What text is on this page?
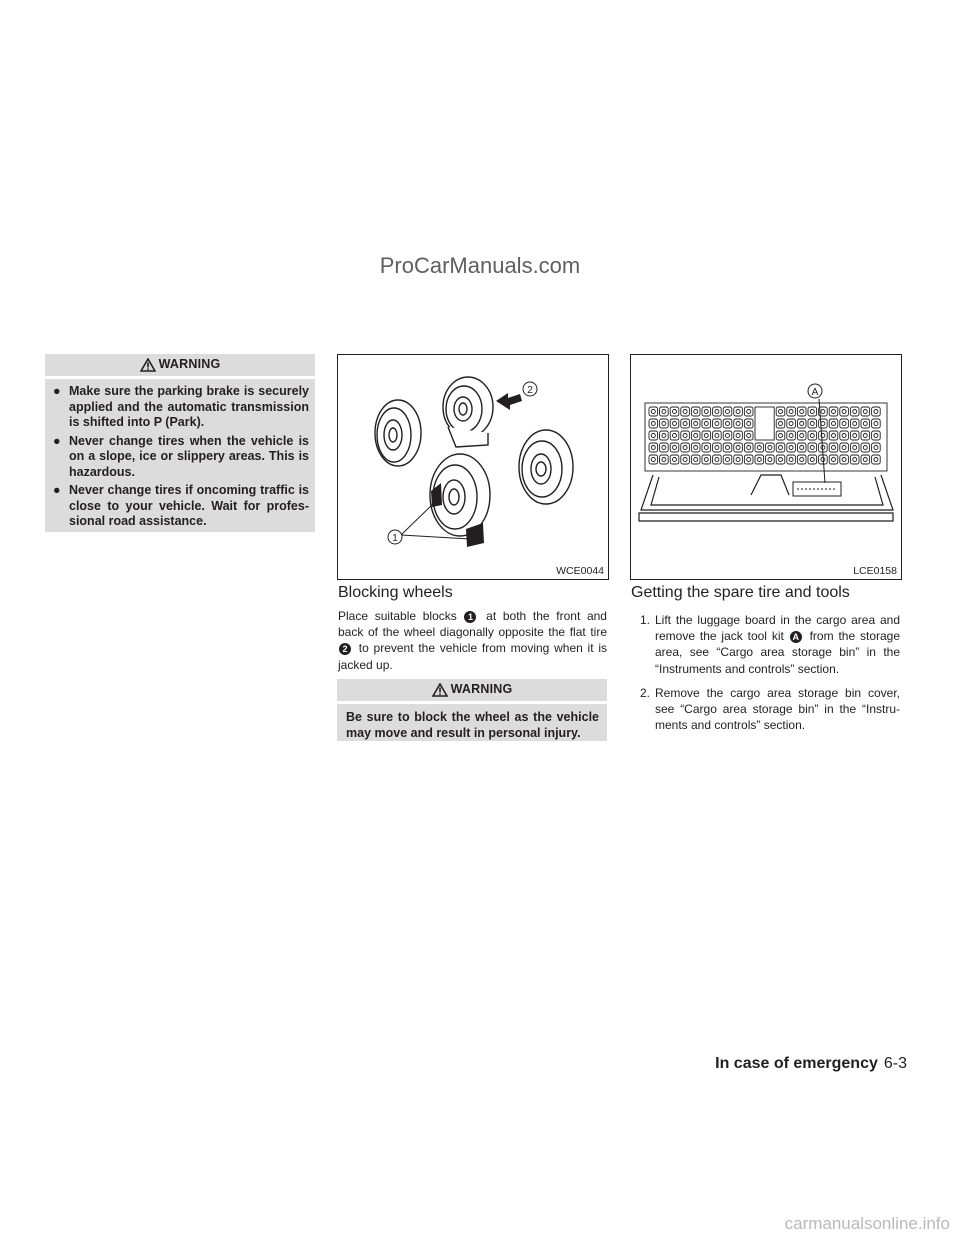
ProCarManuals.com
WARNING
● Make sure the parking brake is securely applied and the automatic transmission is shifted into P (Park).
● Never change tires when the vehicle is on a slope, ice or slippery areas. This is hazardous.
● Never change tires if oncoming traffic is close to your vehicle. Wait for profes- sional road assistance.
1
2
WCE0044
A
LCE0158
Blocking wheels
Place suitable blocks 1 at both the front and back of the wheel diagonally opposite the flat tire 2 to prevent the vehicle from moving when it is jacked up.
WARNING
Be sure to block the wheel as the vehicle may move and result in personal injury.
Getting the spare tire and tools
1. Lift the luggage board in the cargo area and remove the jack tool kit A from the storage area, see “Cargo area storage bin” in the “Instruments and controls” section.
2. Remove the cargo area storage bin cover, see “Cargo area storage bin” in the “Instru- ments and controls” section.
In case of emergency 6-3
carmanualsonline.info
